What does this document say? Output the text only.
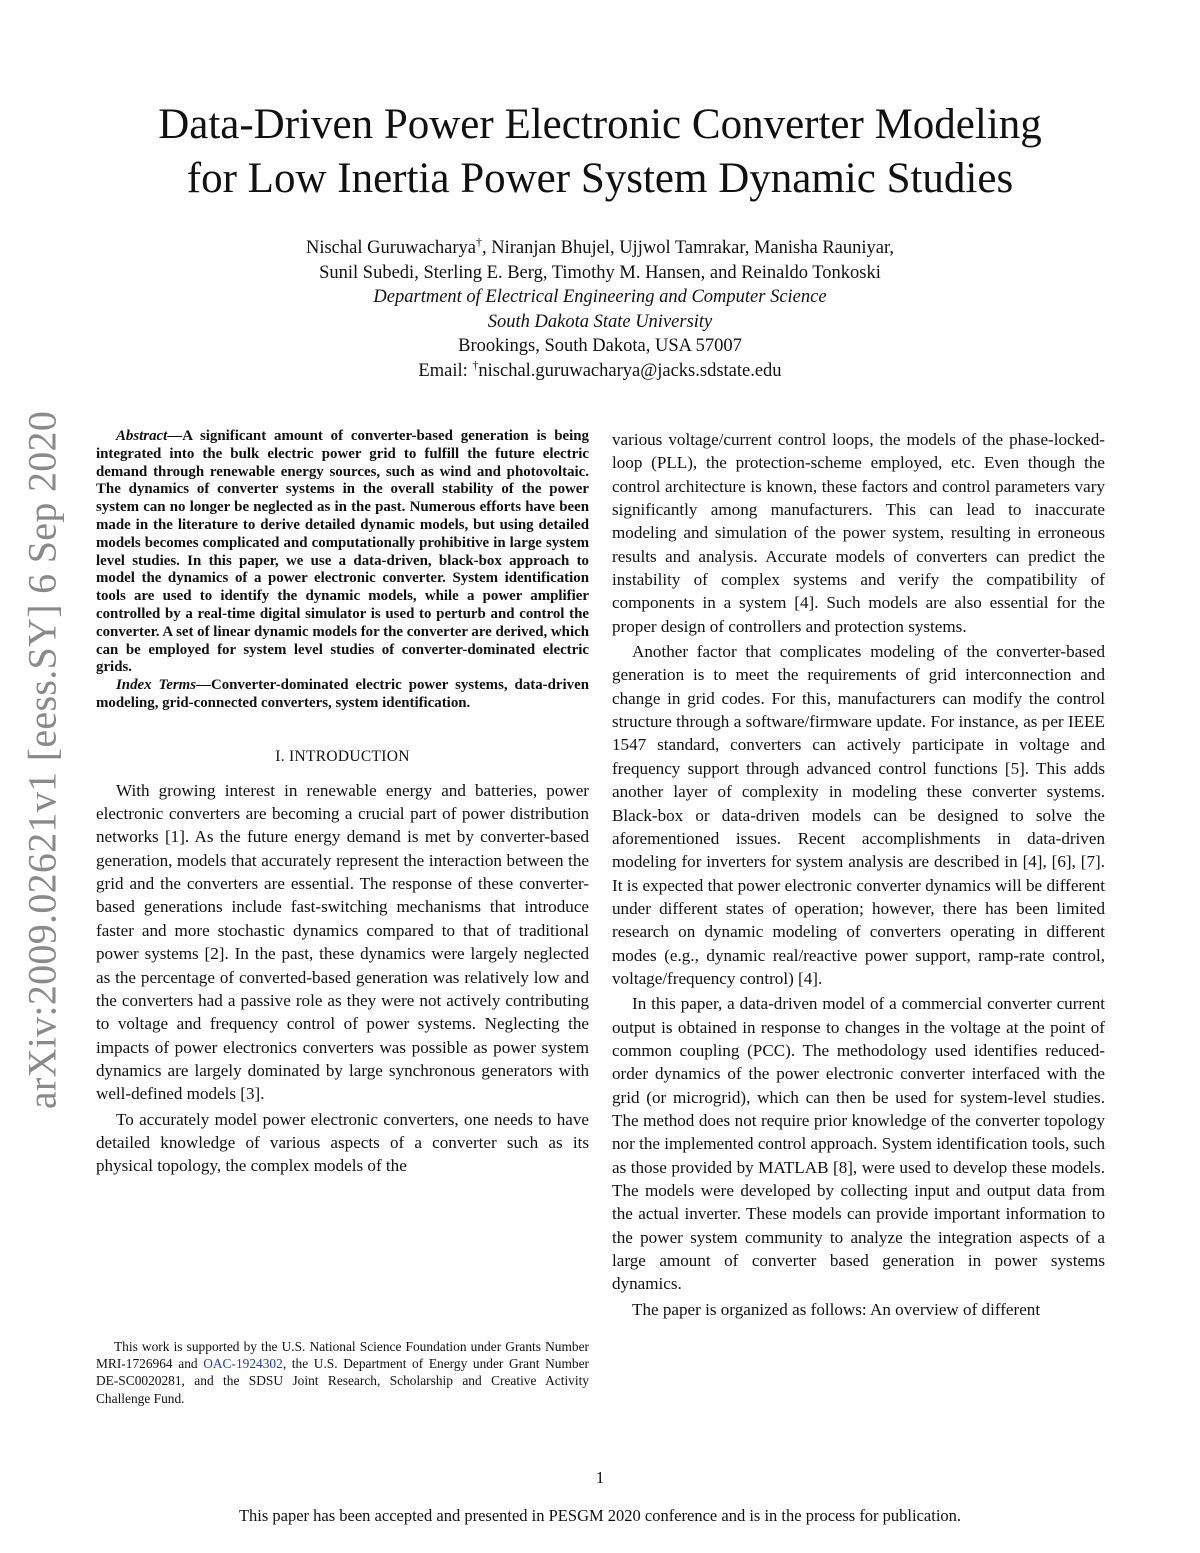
arXiv:2009.02621v1 [eess.SY] 6 Sep 2020
Data-Driven Power Electronic Converter Modeling
for Low Inertia Power System Dynamic Studies
Nischal Guruwacharya†, Niranjan Bhujel, Ujjwol Tamrakar, Manisha Rauniyar,
Sunil Subedi, Sterling E. Berg, Timothy M. Hansen, and Reinaldo Tonkoski
Department of Electrical Engineering and Computer Science
South Dakota State University
Brookings, South Dakota, USA 57007
Email: †nischal.guruwacharya@jacks.sdstate.edu

Abstract—A significant amount of converter-based generation is being integrated into the bulk electric power grid to fulfill the future electric demand through renewable energy sources, such as wind and photovoltaic. The dynamics of converter systems in the overall stability of the power system can no longer be neglected as in the past. Numerous efforts have been made in the literature to derive detailed dynamic models, but using detailed models becomes complicated and computationally prohibitive in large system level studies. In this paper, we use a data-driven, black-box approach to model the dynamics of a power electronic converter. System identification tools are used to identify the dynamic models, while a power amplifier controlled by a real-time digital simulator is used to perturb and control the converter. A set of linear dynamic models for the converter are derived, which can be employed for system level studies of converter-dominated electric grids.

Index Terms—Converter-dominated electric power systems, data-driven modeling, grid-connected converters, system identification.

I. INTRODUCTION

With growing interest in renewable energy and batteries, power electronic converters are becoming a crucial part of power distribution networks [1]. As the future energy demand is met by converter-based generation, models that accurately represent the interaction between the grid and the converters are essential. The response of these converter-based generations include fast-switching mechanisms that introduce faster and more stochastic dynamics compared to that of traditional power systems [2]. In the past, these dynamics were largely neglected as the percentage of converted-based generation was relatively low and the converters had a passive role as they were not actively contributing to voltage and frequency control of power systems. Neglecting the impacts of power electronics converters was possible as power system dynamics are largely dominated by large synchronous generators with well-defined models [3].

To accurately model power electronic converters, one needs to have detailed knowledge of various aspects of a converter such as its physical topology, the complex models of the

This work is supported by the U.S. National Science Foundation under Grants Number MRI-1726964 and OAC-1924302, the U.S. Department of Energy under Grant Number DE-SC0020281, and the SDSU Joint Research, Scholarship and Creative Activity Challenge Fund.

various voltage/current control loops, the models of the phase-locked-loop (PLL), the protection-scheme employed, etc. Even though the control architecture is known, these factors and control parameters vary significantly among manufacturers. This can lead to inaccurate modeling and simulation of the power system, resulting in erroneous results and analysis. Accurate models of converters can predict the instability of complex systems and verify the compatibility of components in a system [4]. Such models are also essential for the proper design of controllers and protection systems.

Another factor that complicates modeling of the converter-based generation is to meet the requirements of grid interconnection and change in grid codes. For this, manufacturers can modify the control structure through a software/firmware update. For instance, as per IEEE 1547 standard, converters can actively participate in voltage and frequency support through advanced control functions [5]. This adds another layer of complexity in modeling these converter systems. Black-box or data-driven models can be designed to solve the aforementioned issues. Recent accomplishments in data-driven modeling for inverters for system analysis are described in [4], [6], [7]. It is expected that power electronic converter dynamics will be different under different states of operation; however, there has been limited research on dynamic modeling of converters operating in different modes (e.g., dynamic real/reactive power support, ramp-rate control, voltage/frequency control) [4].

In this paper, a data-driven model of a commercial converter current output is obtained in response to changes in the voltage at the point of common coupling (PCC). The methodology used identifies reduced-order dynamics of the power electronic converter interfaced with the grid (or microgrid), which can then be used for system-level studies. The method does not require prior knowledge of the converter topology nor the implemented control approach. System identification tools, such as those provided by MATLAB [8], were used to develop these models. The models were developed by collecting input and output data from the actual inverter. These models can provide important information to the power system community to analyze the integration aspects of a large amount of converter based generation in power systems dynamics.

The paper is organized as follows: An overview of different

1
This paper has been accepted and presented in PESGM 2020 conference and is in the process for publication.
